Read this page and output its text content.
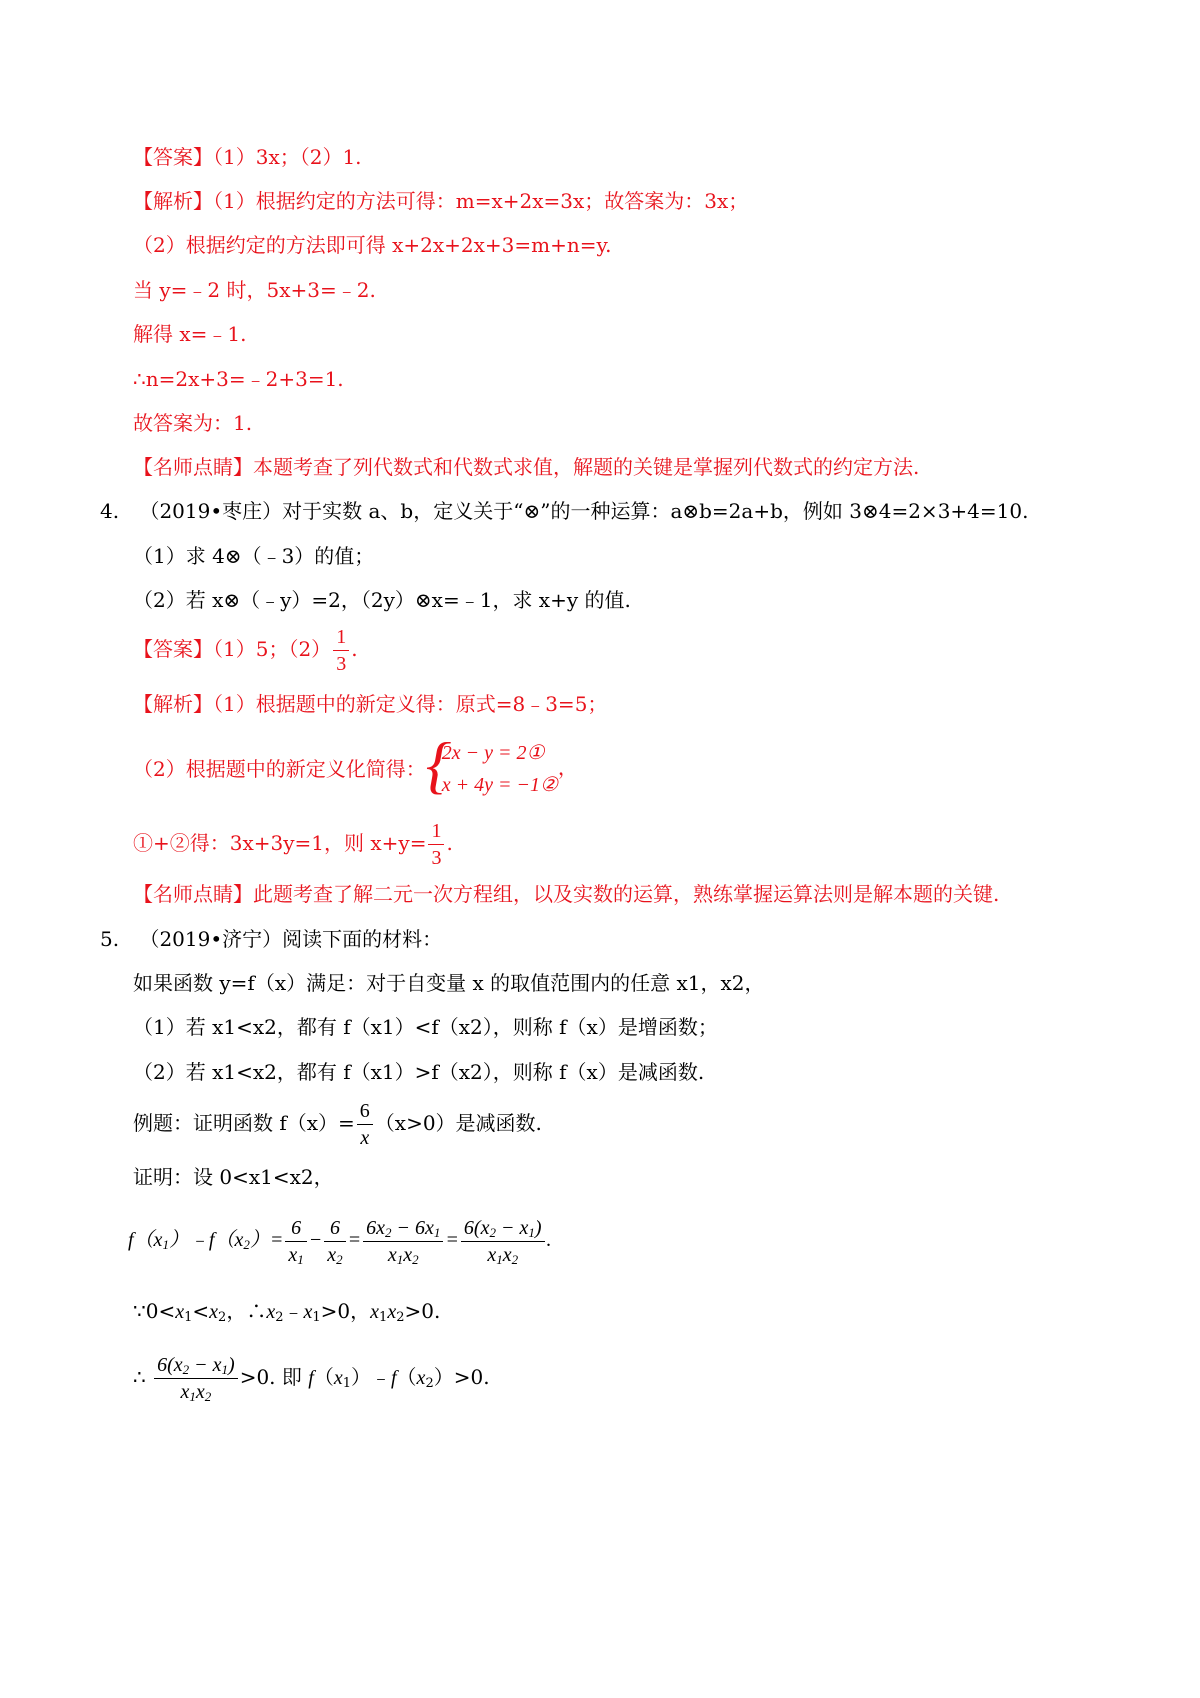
【答案】（1）3x；（2）1.
【解析】（1）根据约定的方法可得：m=x+2x=3x；故答案为：3x；
（2）根据约定的方法即可得 x+2x+2x+3=m+n=y.
当 y=﹣2 时，5x+3=﹣2.
解得 x=﹣1.
∴n=2x+3=﹣2+3=1.
故答案为：1.
【名师点睛】本题考查了列代数式和代数式求值，解题的关键是掌握列代数式的约定方法.
4. （2019•枣庄）对于实数 a、b，定义关于“⊗”的一种运算：a⊗b=2a+b，例如 3⊗4=2×3+4=10.
（1）求 4⊗（﹣3）的值；
（2）若 x⊗（﹣y）=2，（2y）⊗x=﹣1，求 x+y 的值.
【答案】（1）5；$(2) \frac{1}{3}$ .
【解析】（1）根据题中的新定义得：原式=8﹣3=5；
（2）根据题中的新定义化简得： {
2x − y = 2①
x + 4y = −1②
，
①+②得：3x+3y=1，则 $x+y= \frac{1}{3}$ .
【名师点睛】此题考查了解二元一次方程组，以及实数的运算，熟练掌握运算法则是解本题的关键.
5. （2019•济宁）阅读下面的材料：
如果函数 y=f（x）满足：对于自变量 x 的取值范围内的任意 x1，x2，
（1）若 x1<x2，都有 f（x1）<f（x2），则称 f（x）是增函数；
（2）若 x1<x2，都有 f（x1）>f（x2），则称 f（x）是减函数.
例题：证明函数 $f(x)= \frac{6}{x} (x>0)$是减函数.
证明：设 0<x1<x2，
$f(x_1)﹣f(x_2)= \frac{6}{x_1} - \frac{6}{x_2} = \frac{6x_2 - 6x_1}{x_1x_2} = \frac{6(x_2 - x_1)}{x_1x_2}$ .
$\because 0<x_1<x_2$，$\therefore x_2﹣x_1>0$，$x_1x_2>0$.
∴ $\frac{6(x_2 - x_1)}{x_1x_2} >0$. 即 $f(x_1)﹣f(x_2)>0$.
